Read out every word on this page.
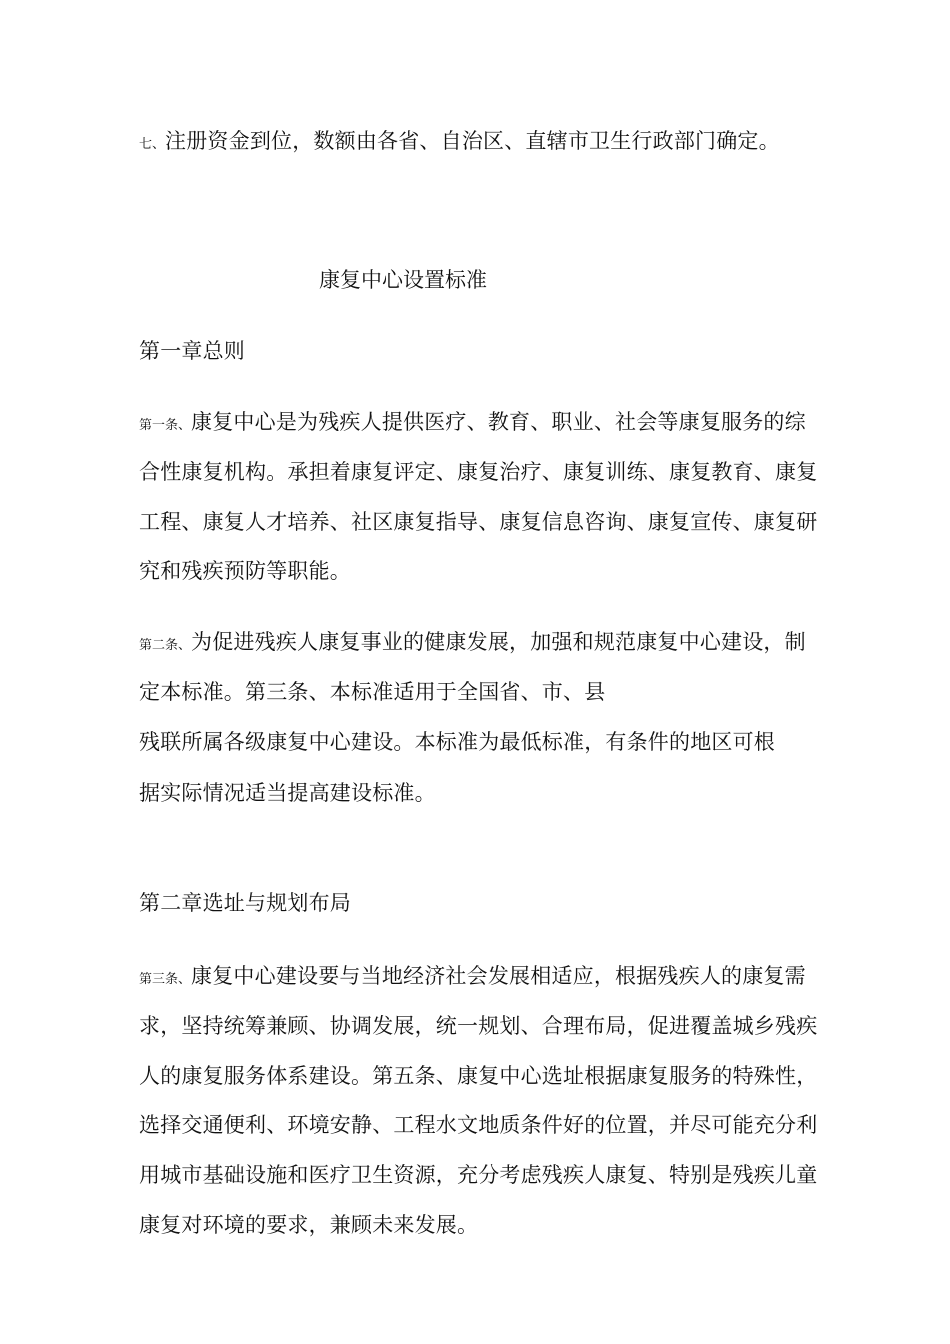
七、注册资金到位，数额由各省、自治区、直辖市卫生行政部门确定。
康复中心设置标准
第一章总则
第一条、康复中心是为残疾人提供医疗、教育、职业、社会等康复服务的综
合性康复机构。承担着康复评定、康复治疗、康复训练、康复教育、康复
工程、康复人才培养、社区康复指导、康复信息咨询、康复宣传、康复研
究和残疾预防等职能。
第二条、为促进残疾人康复事业的健康发展，加强和规范康复中心建设，制
定本标准。第三条、本标准适用于全国省、市、县
残联所属各级康复中心建设。本标准为最低标准，有条件的地区可根
据实际情况适当提高建设标准。
第二章选址与规划布局
第三条、康复中心建设要与当地经济社会发展相适应，根据残疾人的康复需
求，坚持统筹兼顾、协调发展，统一规划、合理布局，促进覆盖城乡残疾
人的康复服务体系建设。第五条、康复中心选址根据康复服务的特殊性，
选择交通便利、环境安静、工程水文地质条件好的位置，并尽可能充分利
用城市基础设施和医疗卫生资源，充分考虑残疾人康复、特别是残疾儿童
康复对环境的要求，兼顾未来发展。
